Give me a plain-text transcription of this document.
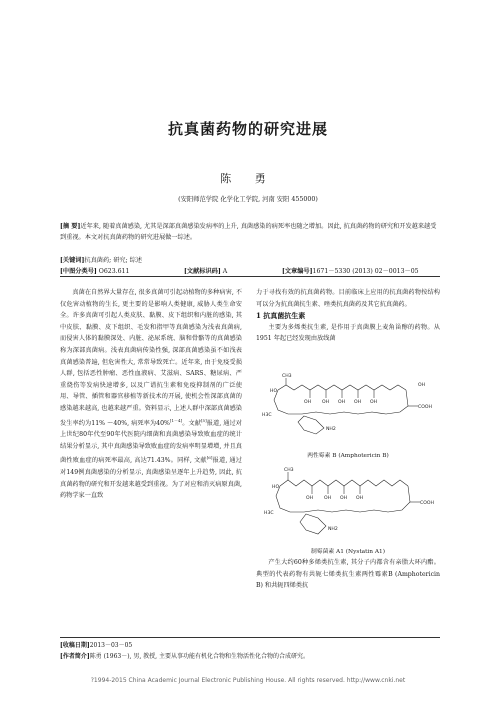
抗真菌药物的研究进展
陈 勇
(安阳师范学院 化学化工学院, 河南 安阳 455000)
[摘 要]近年来, 随着真菌感染, 尤其是深部真菌感染发病率的上升, 真菌感染的病死率也随之增加。因此, 抗真菌药物的研究和开发越来越受到重视。本文对抗真菌药物的研究进展做一综述。
[关键词]抗真菌药; 研究; 综述
[中图分类号] O623.611	[文献标识码] A	[文章编号]1671－5330 (2013) 02－0013－05

真菌在自然界大量存在, 很多真菌可引起动植物的多种病害, 不仅危害动植物的生长, 更主要的是影响人类健康, 威胁人类生命安全。许多真菌可引起人类皮肤、黏膜、皮下组织和内脏的感染, 其中皮肤、黏膜、皮下组织、毛发和指甲等真菌感染为浅表真菌病, 而侵害人体的黏膜深处、内脏、泌尿系统、脑和骨骼等的真菌感染称为深部真菌病。浅表真菌病传染性强, 深部真菌感染虽不如浅表真菌感染普遍, 但危害性大, 常常导致死亡。近年来, 由于免疫受损人群, 包括恶性肿瘤、恶性血液病、艾滋病、SARS、糖尿病、严重烧伤等发病快速增多, 以及广谱抗生素和免疫抑制剂的广泛使用、导管、插管和器官移植等新技术的开展, 使机会性深部真菌的感染越来越高, 也越来越严重。资料显示, 上述人群中深部真菌感染发生率约为11% ～40%, 病死率为40%[1－4]。文献[5]报道, 通过对上世纪80年代至90年代医院内细菌和真菌感染导致败血症的统计结果分析显示, 其中真菌感染导致败血症的发病率明显增增, 并且真菌性败血症的病死率最高, 高达71.43%。同样, 文献[6]报道, 通过对149例真菌感染的分析显示, 真菌感染呈逐年上升趋势, 因此, 抗真菌药物的研究和开发越来越受到重视。为了对应和消灭病原真菌, 药物学家一直致

力于寻找有效的抗真菌药物。目前临床上应用的抗真菌药物按结构可以分为抗真菌抗生素、唑类抗真菌药及其它抗真菌药。

1 抗真菌抗生素

主要为多烯类抗生素, 是作用于真菌膜上麦角甾醇的药物。从 1951 年起已经发现由放线菌

CH3
OH OH OH OH OH
COOH
H3C
HO
NH2
OH
两性霉素 B (Amphotericin B)
CH3
OH OH OH OH
COOH
H3C
HO
NH2
制霉菌素 A1 (Nystatin A1)

产生大约60种多烯类抗生素, 其分子内都含有亲脂大环内酯。典型的代表药物有共轭七烯类抗生素两性霉素B (Amphotericin B) 和共轭四烯类抗

[收稿日期]2013－03－05
[作者简介]陈勇 (1963－), 男, 教授, 主要从事功能有机化合物和生物活性化合物的合成研究。
?1994-2015 China Academic Journal Electronic Publishing House. All rights reserved. http://www.cnki.net
